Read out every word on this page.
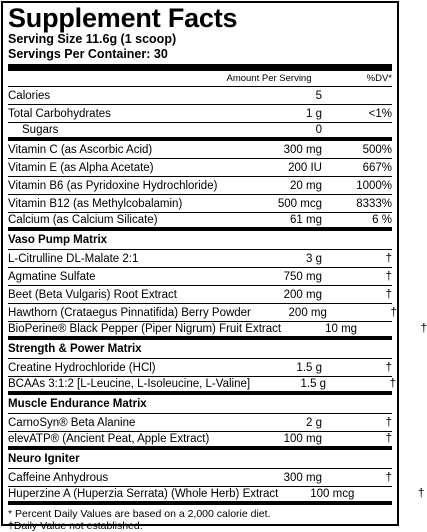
Supplement Facts
Serving Size 11.6g (1 scoop)
Servings Per Container: 30
Amount Per Serving	%DV*
Calories	5
Total Carbohydrates	1 g	<1%
Sugars	0
Vitamin C (as Ascorbic Acid)	300 mg	500%
Vitamin E (as Alpha Acetate)	200 IU	667%
Vitamin B6 (as Pyridoxine Hydrochloride)	20 mg	1000%
Vitamin B12 (as Methylcobalamin)	500 mcg	8333%
Calcium (as Calcium Silicate)	61 mg	6 %
Vaso Pump Matrix
L-Citrulline DL-Malate 2:1	3 g	†
Agmatine Sulfate	750 mg	†
Beet (Beta Vulgaris) Root Extract	200 mg	†
Hawthorn (Crataegus Pinnatifida) Berry Powder	200 mg	†
BioPerine® Black Pepper (Piper Nigrum) Fruit Extract	10 mg	†
Strength & Power Matrix
Creatine Hydrochloride (HCl)	1.5 g	†
BCAAs 3:1:2 [L-Leucine, L-Isoleucine, L-Valine]	1.5 g	†
Muscle Endurance Matrix
CarnoSyn® Beta Alanine	2 g	†
elevATP® (Ancient Peat, Apple Extract)	100 mg	†
Neuro Igniter
Caffeine Anhydrous	300 mg	†
Huperzine A (Huperzia Serrata) (Whole Herb) Extract	100 mcg	†
* Percent Daily Values are based on a 2,000 calorie diet.
†Daily Value not established.
